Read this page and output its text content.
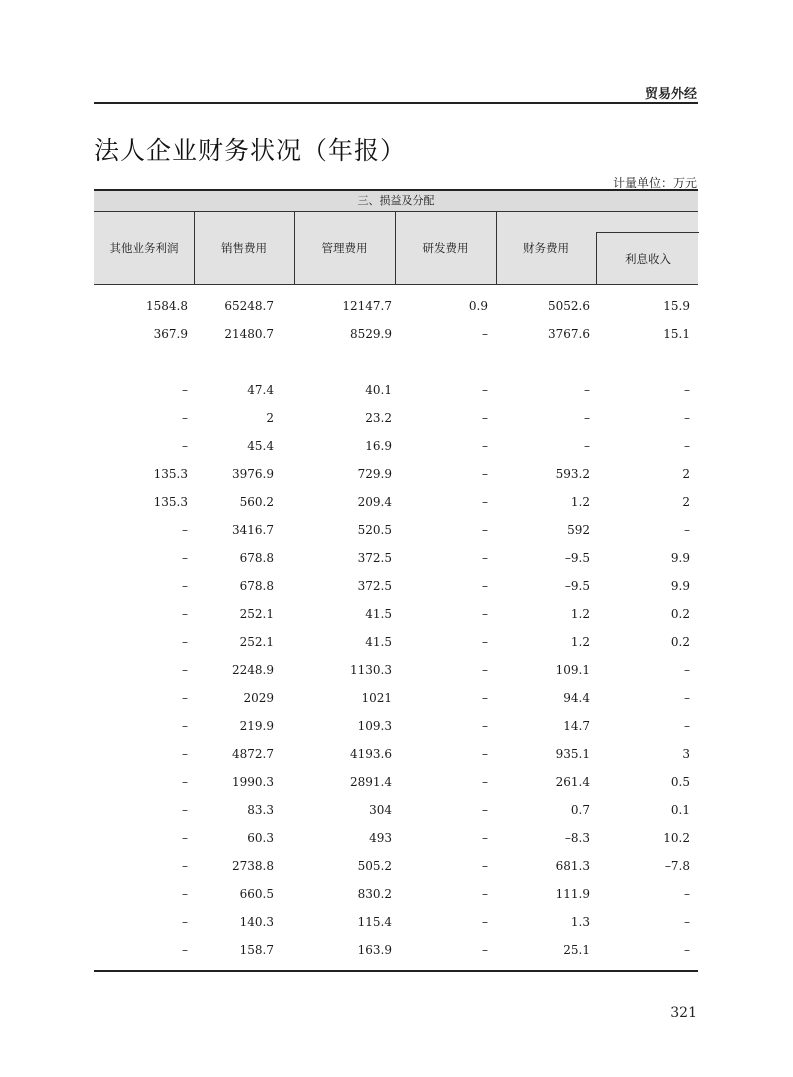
贸易外经
法人企业财务状况（年报）
计量单位：万元
三、损益及分配
其他业务利润	销售费用	管理费用	研发费用	财务费用
利息收入
1584.8	65248.7	12147.7	0.9	5052.6	15.9
367.9	21480.7	8529.9	–	3767.6	15.1
–	47.4	40.1	–	–	–
–	2	23.2	–	–	–
–	45.4	16.9	–	–	–
135.3	3976.9	729.9	–	593.2	2
135.3	560.2	209.4	–	1.2	2
–	3416.7	520.5	–	592	–
–	678.8	372.5	–	–9.5	9.9
–	678.8	372.5	–	–9.5	9.9
–	252.1	41.5	–	1.2	0.2
–	252.1	41.5	–	1.2	0.2
–	2248.9	1130.3	–	109.1	–
–	2029	1021	–	94.4	–
–	219.9	109.3	–	14.7	–
–	4872.7	4193.6	–	935.1	3
–	1990.3	2891.4	–	261.4	0.5
–	83.3	304	–	0.7	0.1
–	60.3	493	–	–8.3	10.2
–	2738.8	505.2	–	681.3	–7.8
–	660.5	830.2	–	111.9	–
–	140.3	115.4	–	1.3	–
–	158.7	163.9	–	25.1	–
321
